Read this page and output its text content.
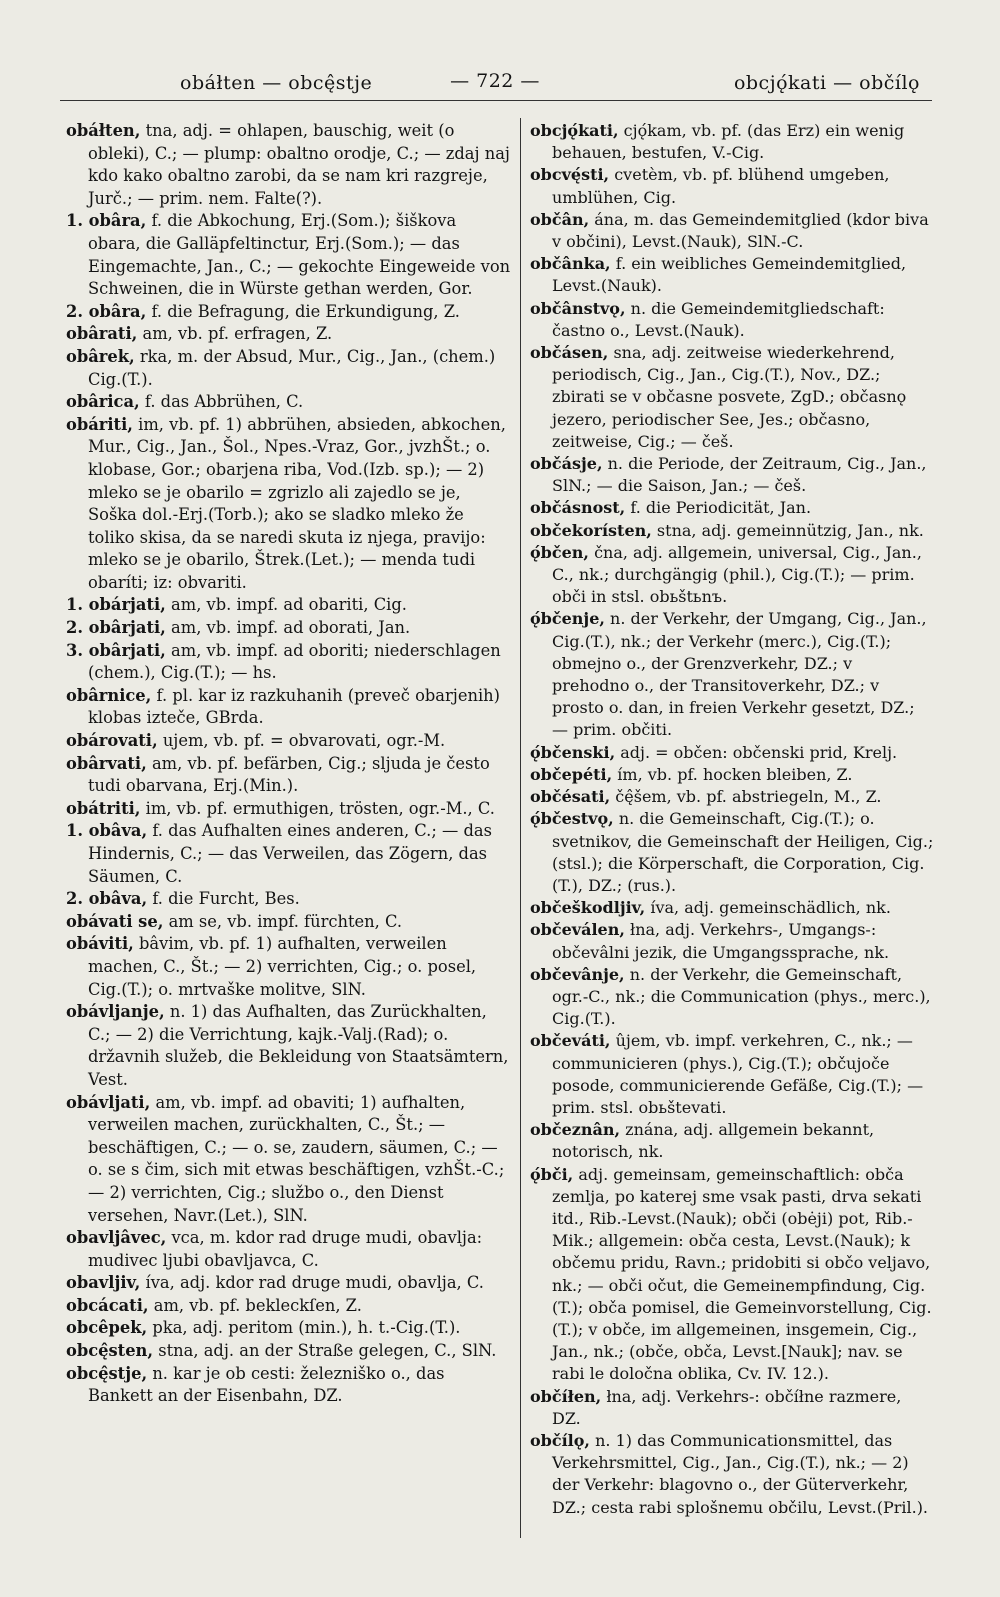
obáłten — obcę̂stje	— 722 —	obcjǫ́kati — občílǫ

obáłten, tna, adj. = ohlapen, bauschig, weit (o obleki), C.; — plump: obaltno orodje, C.; — zdaj naj kdo kako obaltno zarobi, da se nam kri razgreje, Jurč.; — prim. nem. Falte(?).

1. obâra, f. die Abkochung, Erj.(Som.); šiškova obara, die Galläpfeltinctur, Erj.(Som.); — das Eingemachte, Jan., C.; — gekochte Eingeweide von Schweinen, die in Würste gethan werden, Gor.

2. obâra, f. die Befragung, die Erkundigung, Z.

obârati, am, vb. pf. erfragen, Z.

obârek, rka, m. der Absud, Mur., Cig., Jan., (chem.) Cig.(T.).

obârica, f. das Abbrühen, C.

obáriti, im, vb. pf. 1) abbrühen, absieden, abkochen, Mur., Cig., Jan., Šol., Npes.-Vraz, Gor., jvzhŠt.; o. klobase, Gor.; obarjena riba, Vod.(Izb. sp.); — 2) mleko se je obarilo = zgrizlo ali zajedlo se je, Soška dol.-Erj.(Torb.); ako se sladko mleko že toliko skisa, da se naredi skuta iz njega, pravijo: mleko se je obarilo, Štrek.(Let.); — menda tudi obaríti; iz: obvariti.

1. obárjati, am, vb. impf. ad obariti, Cig.

2. obârjati, am, vb. impf. ad oborati, Jan.

3. obârjati, am, vb. impf. ad oboriti; niederschlagen (chem.), Cig.(T.); — hs.

obârnice, f. pl. kar iz razkuhanih (preveč obarjenih) klobas izteče, GBrda.

obárovati, ujem, vb. pf. = obvarovati, ogr.-M.

obârvati, am, vb. pf. befärben, Cig.; sljuda je često tudi obarvana, Erj.(Min.).

obátriti, im, vb. pf. ermuthigen, trösten, ogr.-M., C.

1. obâva, f. das Aufhalten eines anderen, C.; — das Hindernis, C.; — das Verweilen, das Zögern, das Säumen, C.

2. obâva, f. die Furcht, Bes.

obávati se, am se, vb. impf. fürchten, C.

obáviti, bâvim, vb. pf. 1) aufhalten, verweilen machen, C., Št.; — 2) verrichten, Cig.; o. posel, Cig.(T.); o. mrtvaške molitve, SlN.

obávljanje, n. 1) das Aufhalten, das Zurückhalten, C.; — 2) die Verrichtung, kajk.-Valj.(Rad); o. državnih služeb, die Bekleidung von Staatsämtern, Vest.

obávljati, am, vb. impf. ad obaviti; 1) aufhalten, verweilen machen, zurückhalten, C., Št.; — beschäftigen, C.; — o. se, zaudern, säumen, C.; — o. se s čim, sich mit etwas beschäftigen, vzhŠt.-C.; — 2) verrichten, Cig.; službo o., den Dienst versehen, Navr.(Let.), SlN.

obavljâvec, vca, m. kdor rad druge mudi, obavlja: mudivec ljubi obavljavca, C.

obavljiv, íva, adj. kdor rad druge mudi, obavlja, C.

obcácati, am, vb. pf. bekleckſen, Z.

obcêpek, pka, adj. peritom (min.), h. t.-Cig.(T.).

obcę̂sten, stna, adj. an der Straße gelegen, C., SlN.

obcę̂stje, n. kar je ob cesti: železniško o., das Bankett an der Eisenbahn, DZ.

obcjǫ́kati, cjǫ́kam, vb. pf. (das Erz) ein wenig behauen, bestufen, V.-Cig.

obcvę́sti, cvetèm, vb. pf. blühend umgeben, umblühen, Cig.

občân, ána, m. das Gemeindemitglied (kdor biva v občini), Levst.(Nauk), SlN.-C.

občânka, f. ein weibliches Gemeindemitglied, Levst.(Nauk).

občânstvǫ, n. die Gemeindemitgliedschaft: častno o., Levst.(Nauk).

občásen, sna, adj. zeitweise wiederkehrend, periodisch, Cig., Jan., Cig.(T.), Nov., DZ.; zbirati se v občasne posvete, ZgD.; občasnǫ jezero, periodischer See, Jes.; občasno, zeitweise, Cig.; — češ.

občásje, n. die Periode, der Zeitraum, Cig., Jan., SlN.; — die Saison, Jan.; — češ.

občásnost, f. die Periodicität, Jan.

občekorísten, stna, adj. gemeinnützig, Jan., nk.

ǫ́bčen, čna, adj. allgemein, universal, Cig., Jan., C., nk.; durchgängig (phil.), Cig.(T.); — prim. obči in stsl. obьštьnъ.

ǫ́bčenje, n. der Verkehr, der Umgang, Cig., Jan., Cig.(T.), nk.; der Verkehr (merc.), Cig.(T.); obmejno o., der Grenzverkehr, DZ.; v prehodno o., der Transitoverkehr, DZ.; v prosto o. dan, in freien Verkehr gesetzt, DZ.; — prim. občiti.

ǫ́bčenski, adj. = občen: občenski prid, Krelj.

občepéti, ím, vb. pf. hocken bleiben, Z.

občésati, čę̂šem, vb. pf. abstriegeln, M., Z.

ǫ́bčestvǫ, n. die Gemeinschaft, Cig.(T.); o. svetnikov, die Gemeinschaft der Heiligen, Cig.; (stsl.); die Körperschaft, die Corporation, Cig.(T.), DZ.; (rus.).

občeškodljiv, íva, adj. gemeinschädlich, nk.

občeválen, łna, adj. Verkehrs-, Umgangs-: občevâlni jezik, die Umgangssprache, nk.

občevânje, n. der Verkehr, die Gemeinschaft, ogr.-C., nk.; die Communication (phys., merc.), Cig.(T.).

občeváti, ûjem, vb. impf. verkehren, C., nk.; — communicieren (phys.), Cig.(T.); občujoče posode, communicierende Gefäße, Cig.(T.); — prim. stsl. obьštevati.

občeznân, znána, adj. allgemein bekannt, notorisch, nk.

ǫ́bči, adj. gemeinsam, gemeinschaftlich: obča zemlja, po katerej sme vsak pasti, drva sekati itd., Rib.-Levst.(Nauk); obči (obėji) pot, Rib.-Mik.; allgemein: obča cesta, Levst.(Nauk); k občemu pridu, Ravn.; pridobiti si občo veljavo, nk.; — obči očut, die Gemeinempfindung, Cig.(T.); obča pomisel, die Gemeinvorstellung, Cig.(T.); v obče, im allgemeinen, insgemein, Cig., Jan., nk.; (obče, obča, Levst.[Nauk]; nav. se rabi le določna oblika, Cv. IV. 12.).

občíłen, łna, adj. Verkehrs-: občíłne razmere, DZ.

občílǫ, n. 1) das Communicationsmittel, das Verkehrsmittel, Cig., Jan., Cig.(T.), nk.; — 2) der Verkehr: blagovno o., der Güterverkehr, DZ.; cesta rabi splošnemu občilu, Levst.(Pril.).
